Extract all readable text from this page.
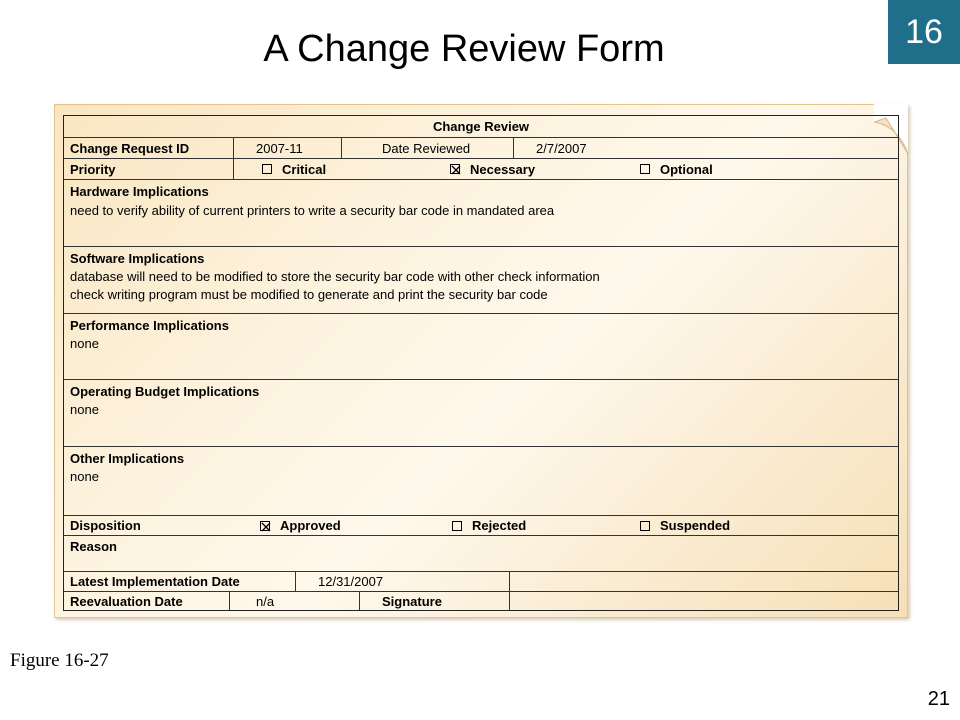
16
A Change Review Form
Change Review
Change Request ID	2007-11	Date Reviewed	2/7/2007
Priority	Critical	Necessary	Optional
Hardware Implications
need to verify ability of current printers to write a security bar code in mandated area
Software Implications
database will need to be modified to store the security bar code with other check information
check writing program must be modified to generate and print the security bar code
Performance Implications
none
Operating Budget Implications
none
Other Implications
none
Disposition	Approved	Rejected	Suspended
Reason
Latest Implementation Date	12/31/2007
Reevaluation Date	n/a	Signature
Figure 16-27
21
